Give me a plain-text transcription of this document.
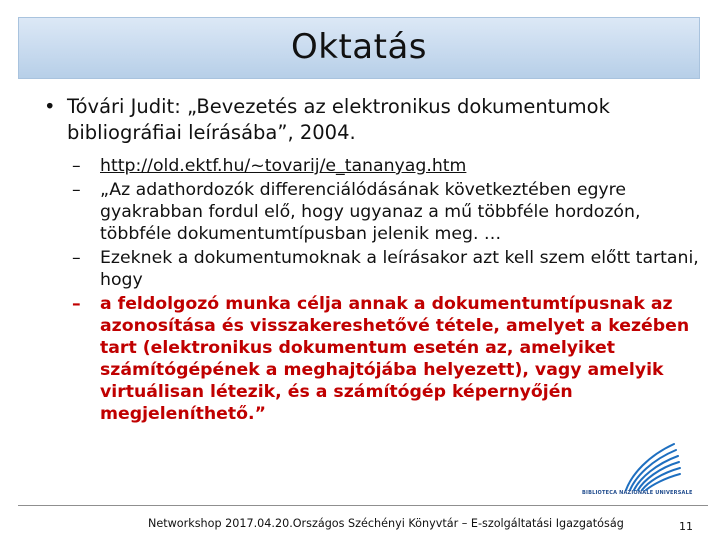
Oktatás
• Tóvári Judit: „Bevezetés az elektronikus dokumentumok bibliográfiai leírásába”, 2004.
– http://old.ektf.hu/~tovarij/e_tananyag.htm
– „Az adathordozók differenciálódásának következtében egyre gyakrabban fordul elő, hogy ugyanaz a mű többféle hordozón, többféle dokumentumtípusban jelenik meg. …
– Ezeknek a dokumentumoknak a leírásakor azt kell szem előtt tartani, hogy
– a feldolgozó munka célja annak a dokumentumtípusnak az azonosítása és visszakereshetővé tétele, amelyet a kezében tart (elektronikus dokumentum esetén az, amelyiket számítógépének a meghajtójába helyezett), vagy amelyik virtuálisan létezik, és a számítógép képernyőjén megjeleníthető.”
BIBLIOTECA NAZIONALE UNIVERSALE
Networkshop 2017.04.20.Országos Széchényi Könyvtár – E-szolgáltatási Igazgatóság	11
